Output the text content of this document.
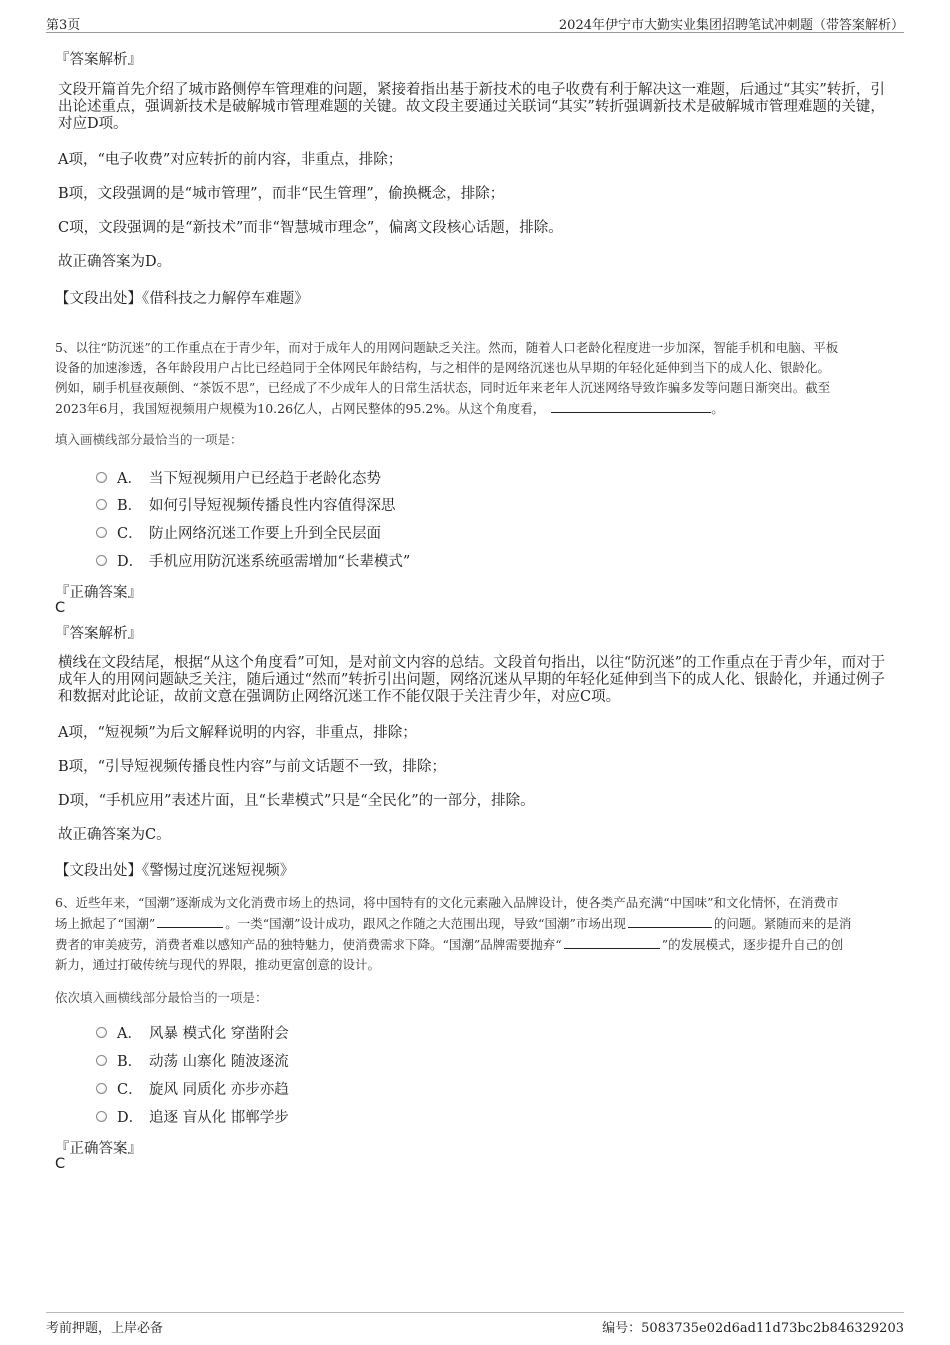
第3页	2024年伊宁市大勤实业集团招聘笔试冲刺题（带答案解析）
『答案解析』
文段开篇首先介绍了城市路侧停车管理难的问题，紧接着指出基于新技术的电子收费有利于解决这一难题，后通过“其实”转折，引出论述重点，强调新技术是破解城市管理难题的关键。故文段主要通过关联词“其实”转折强调新技术是破解城市管理难题的关键，对应D项。
A项，“电子收费”对应转折的前内容，非重点，排除；
B项，文段强调的是“城市管理”，而非“民生管理”，偷换概念，排除；
C项，文段强调的是“新技术”而非“智慧城市理念”，偏离文段核心话题，排除。
故正确答案为D。
【文段出处】《借科技之力解停车难题》
5、以往“防沉迷”的工作重点在于青少年，而对于成年人的用网问题缺乏关注。然而，随着人口老龄化程度进一步加深，智能手机和电脑、平板
设备的加速渗透，各年龄段用户占比已经趋同于全体网民年龄结构，与之相伴的是网络沉迷也从早期的年轻化延伸到当下的成人化、银龄化。
例如，刷手机昼夜颠倒、“茶饭不思”，已经成了不少成年人的日常生活状态，同时近年来老年人沉迷网络导致诈骗多发等问题日渐突出。截至
2023年6月，我国短视频用户规模为10.26亿人，占网民整体的95.2%。从这个角度看，	。
填入画横线部分最恰当的一项是：
A． 当下短视频用户已经趋于老龄化态势
B． 如何引导短视频传播良性内容值得深思
C． 防止网络沉迷工作要上升到全民层面
D． 手机应用防沉迷系统亟需增加“长辈模式”
『正确答案』
C
『答案解析』
横线在文段结尾，根据“从这个角度看”可知，是对前文内容的总结。文段首句指出，以往“防沉迷”的工作重点在于青少年，而对于成年人的用网问题缺乏关注，随后通过“然而”转折引出问题，网络沉迷从早期的年轻化延伸到当下的成人化、银龄化，并通过例子和数据对此论证，故前文意在强调防止网络沉迷工作不能仅限于关注青少年，对应C项。
A项，“短视频”为后文解释说明的内容，非重点，排除；
B项，“引导短视频传播良性内容”与前文话题不一致，排除；
D项，“手机应用”表述片面，且“长辈模式”只是“全民化”的一部分，排除。
故正确答案为C。
【文段出处】《警惕过度沉迷短视频》
6、近些年来，“国潮”逐渐成为文化消费市场上的热词，将中国特有的文化元素融入品牌设计，使各类产品充满“中国味”和文化情怀，在消费市
场上掀起了“国潮”	。一类“国潮”设计成功，跟风之作随之大范围出现，导致“国潮”市场出现	的问题。紧随而来的是消
费者的审美疲劳，消费者难以感知产品的独特魅力，使消费需求下降。“国潮”品牌需要抛弃“	”的发展模式，逐步提升自己的创
新力，通过打破传统与现代的界限，推动更富创意的设计。
依次填入画横线部分最恰当的一项是：
A． 风暴 模式化 穿凿附会
B． 动荡 山寨化 随波逐流
C． 旋风 同质化 亦步亦趋
D． 追逐 盲从化 邯郸学步
『正确答案』
C
考前押题，上岸必备	编号：5083735e02d6ad11d73bc2b846329203
